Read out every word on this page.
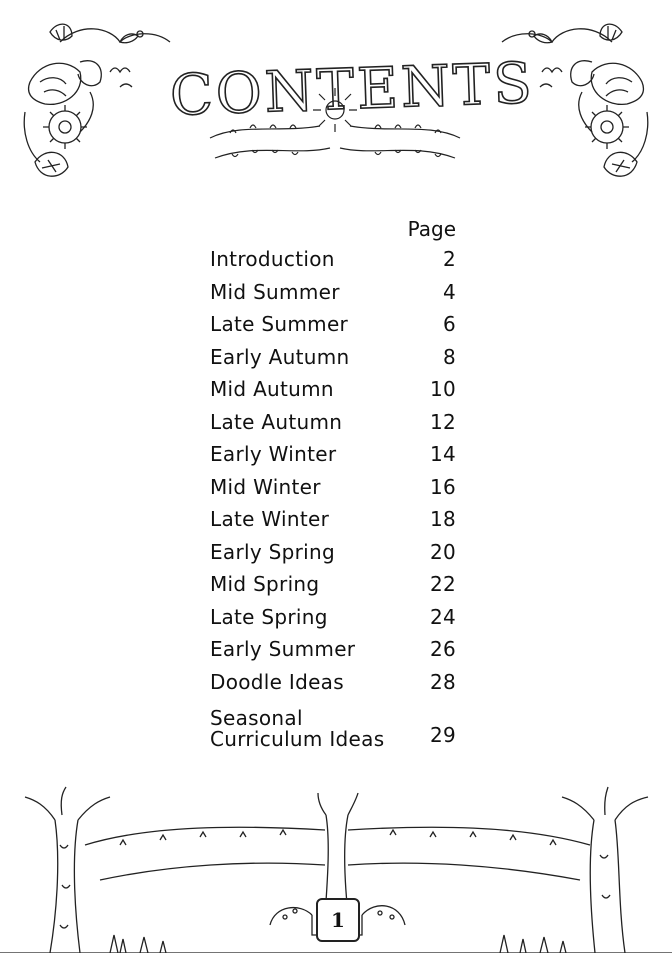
CONTENTS
Page
Introduction	2
Mid Summer	4
Late Summer	6
Early Autumn	8
Mid Autumn	10
Late Autumn	12
Early Winter	14
Mid Winter	16
Late Winter	18
Early Spring	20
Mid Spring	22
Late Spring	24
Early Summer	26
Doodle Ideas	28
Seasonal Curriculum Ideas	29
1
